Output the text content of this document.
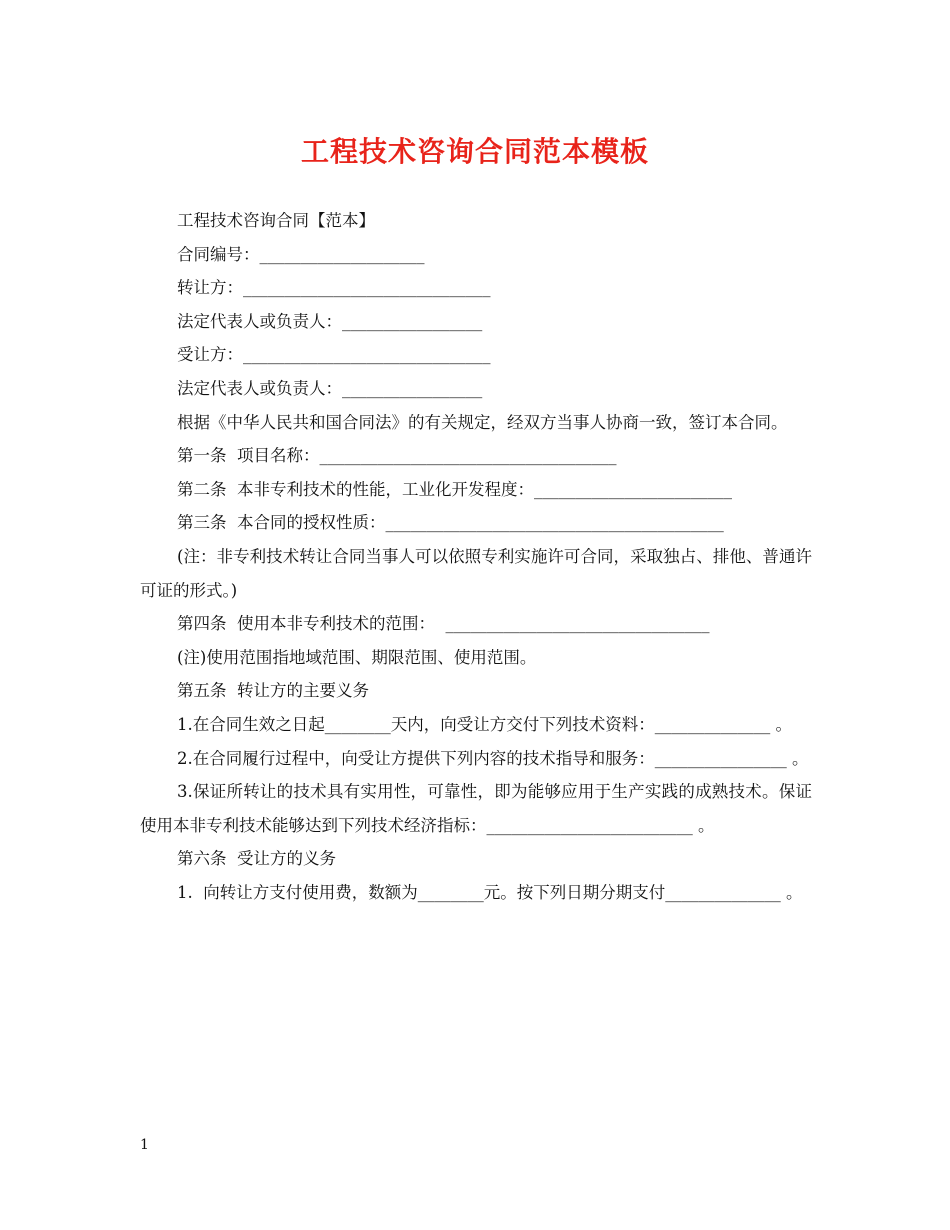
工程技术咨询合同范本模板

工程技术咨询合同【范本】

合同编号：____________________

转让方：______________________________

法定代表人或负责人：_________________

受让方：______________________________

法定代表人或负责人：_________________

根据《中华人民共和国合同法》的有关规定，经双方当事人协商一致，签订本合同。

第一条  项目名称：____________________________________

第二条  本非专利技术的性能，工业化开发程度：________________________

第三条  本合同的授权性质：_________________________________________

(注：非专利技术转让合同当事人可以依照专利实施许可合同，采取独占、排他、普通许可证的形式。)

第四条  使用本非专利技术的范围：  ________________________________

(注)使用范围指地域范围、期限范围、使用范围。

第五条  转让方的主要义务

1.在合同生效之日起________天内，向受让方交付下列技术资料：______________ 。

2.在合同履行过程中，向受让方提供下列内容的技术指导和服务：________________ 。

3.保证所转让的技术具有实用性，可靠性，即为能够应用于生产实践的成熟技术。保证使用本非专利技术能够达到下列技术经济指标：_________________________ 。

第六条  受让方的义务

1.  向转让方支付使用费，数额为________元。按下列日期分期支付______________ 。

1
